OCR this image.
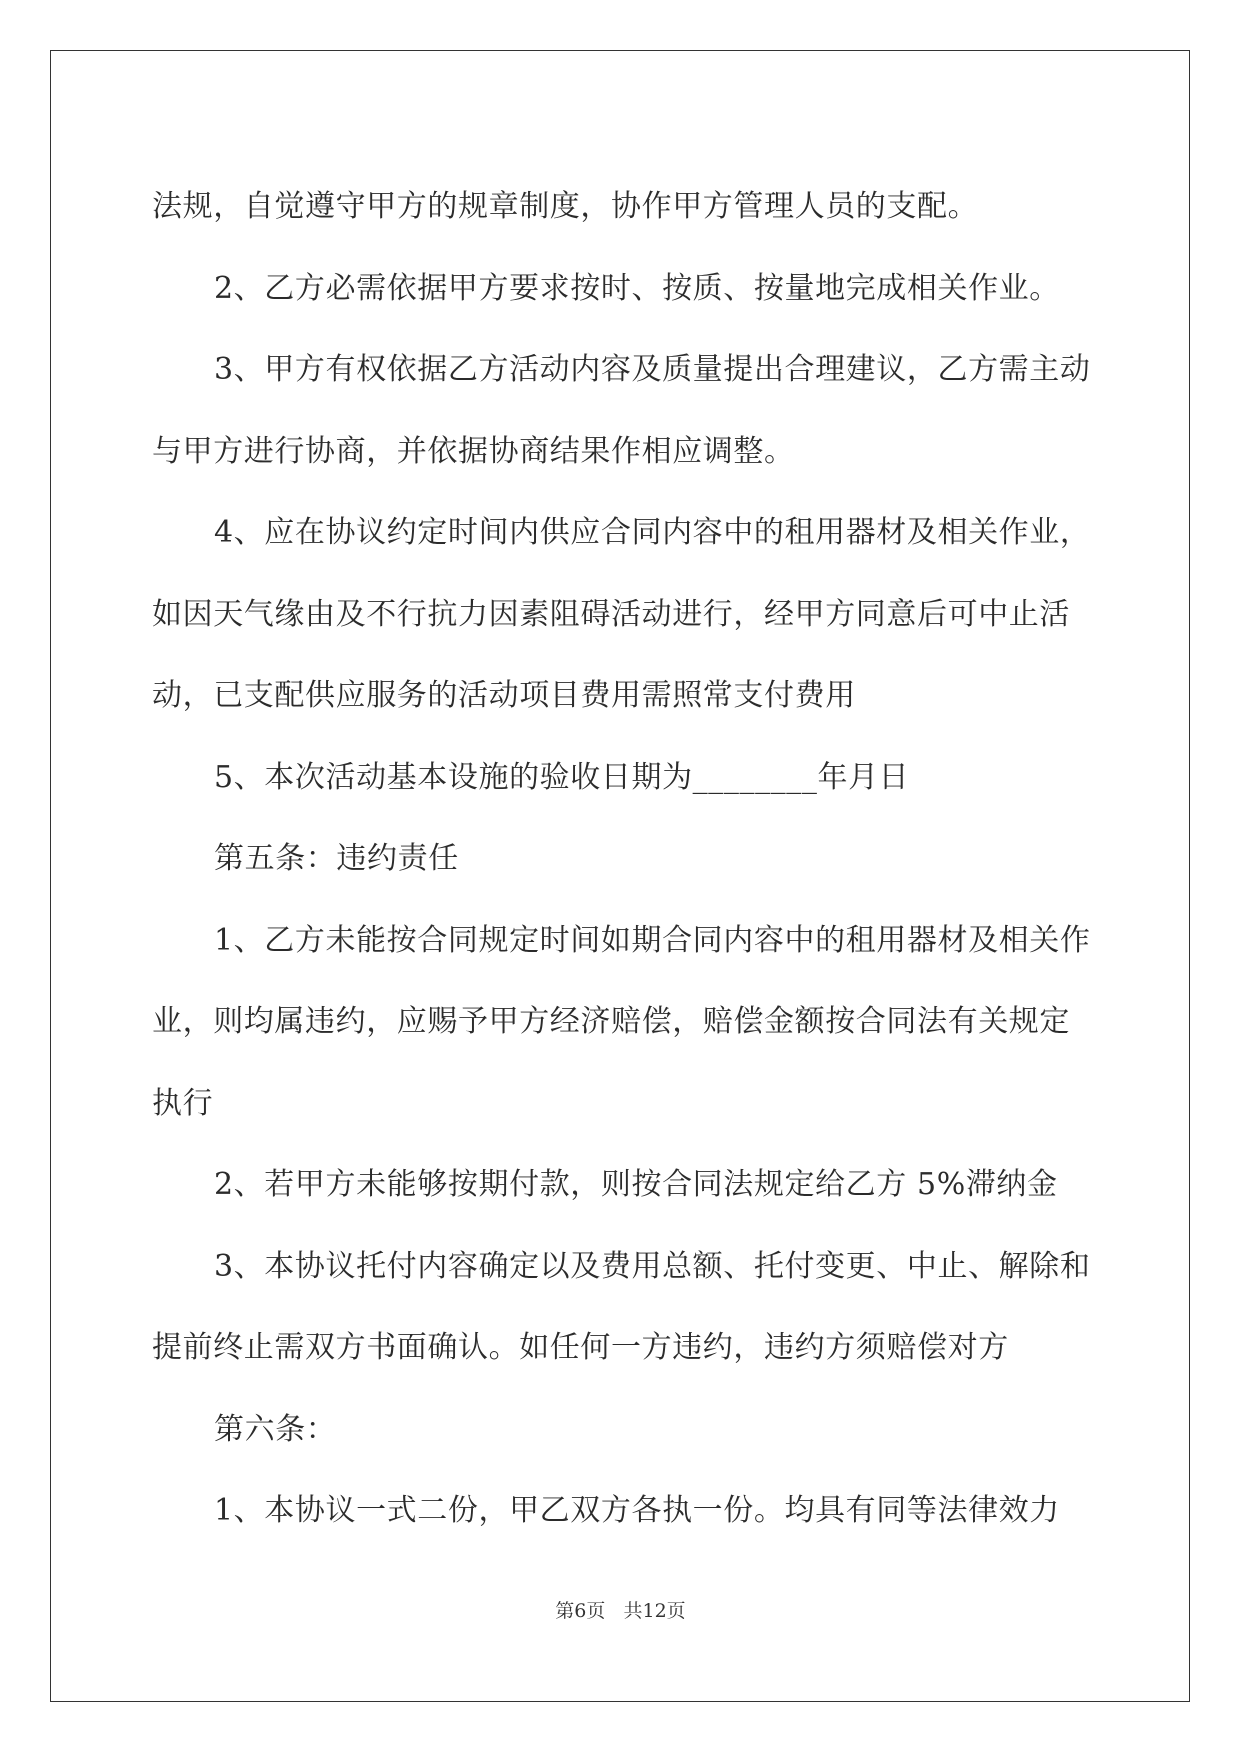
法规，自觉遵守甲方的规章制度，协作甲方管理人员的支配。
2、乙方必需依据甲方要求按时、按质、按量地完成相关作业。
3、甲方有权依据乙方活动内容及质量提出合理建议，乙方需主动
与甲方进行协商，并依据协商结果作相应调整。
4、应在协议约定时间内供应合同内容中的租用器材及相关作业，
如因天气缘由及不行抗力因素阻碍活动进行，经甲方同意后可中止活
动，已支配供应服务的活动项目费用需照常支付费用
5、本次活动基本设施的验收日期为________年月日
第五条：违约责任
1、乙方未能按合同规定时间如期合同内容中的租用器材及相关作
业，则均属违约，应赐予甲方经济赔偿，赔偿金额按合同法有关规定
执行
2、若甲方未能够按期付款，则按合同法规定给乙方 5%滞纳金
3、本协议托付内容确定以及费用总额、托付变更、中止、解除和
提前终止需双方书面确认。如任何一方违约，违约方须赔偿对方
第六条：
1、本协议一式二份，甲乙双方各执一份。均具有同等法律效力
第6页   共12页
